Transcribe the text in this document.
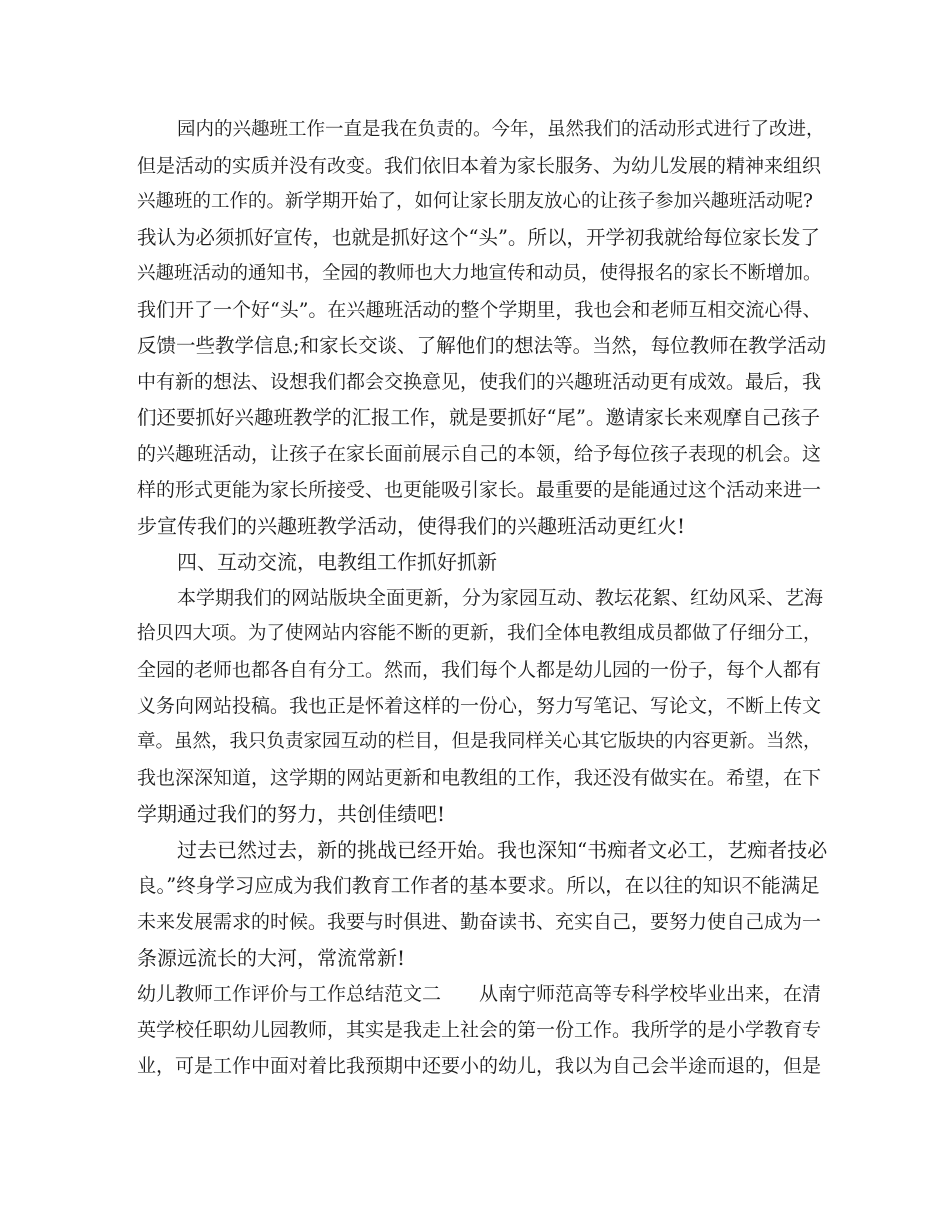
园内的兴趣班工作一直是我在负责的。今年，虽然我们的活动形式进行了改进，
但是活动的实质并没有改变。我们依旧本着为家长服务、为幼儿发展的精神来组织
兴趣班的工作的。新学期开始了，如何让家长朋友放心的让孩子参加兴趣班活动呢?
我认为必须抓好宣传，也就是抓好这个“头”。所以，开学初我就给每位家长发了
兴趣班活动的通知书，全园的教师也大力地宣传和动员，使得报名的家长不断增加。
我们开了一个好“头”。在兴趣班活动的整个学期里，我也会和老师互相交流心得、
反馈一些教学信息;和家长交谈、了解他们的想法等。当然，每位教师在教学活动
中有新的想法、设想我们都会交换意见，使我们的兴趣班活动更有成效。最后，我
们还要抓好兴趣班教学的汇报工作，就是要抓好“尾”。邀请家长来观摩自己孩子
的兴趣班活动，让孩子在家长面前展示自己的本领，给予每位孩子表现的机会。这
样的形式更能为家长所接受、也更能吸引家长。最重要的是能通过这个活动来进一
步宣传我们的兴趣班教学活动，使得我们的兴趣班活动更红火!
四、互动交流，电教组工作抓好抓新
本学期我们的网站版块全面更新，分为家园互动、教坛花絮、红幼风采、艺海
拾贝四大项。为了使网站内容能不断的更新，我们全体电教组成员都做了仔细分工，
全园的老师也都各自有分工。然而，我们每个人都是幼儿园的一份子，每个人都有
义务向网站投稿。我也正是怀着这样的一份心，努力写笔记、写论文，不断上传文
章。虽然，我只负责家园互动的栏目，但是我同样关心其它版块的内容更新。当然，
我也深深知道，这学期的网站更新和电教组的工作，我还没有做实在。希望，在下
学期通过我们的努力，共创佳绩吧!
过去已然过去，新的挑战已经开始。我也深知“书痴者文必工，艺痴者技必
良。”终身学习应成为我们教育工作者的基本要求。所以，在以往的知识不能满足
未来发展需求的时候。我要与时俱进、勤奋读书、充实自己，要努力使自己成为一
条源远流长的大河，常流常新!
幼儿教师工作评价与工作总结范文二　　从南宁师范高等专科学校毕业出来，在清
英学校任职幼儿园教师，其实是我走上社会的第一份工作。我所学的是小学教育专
业，可是工作中面对着比我预期中还要小的幼儿，我以为自己会半途而退的，但是
